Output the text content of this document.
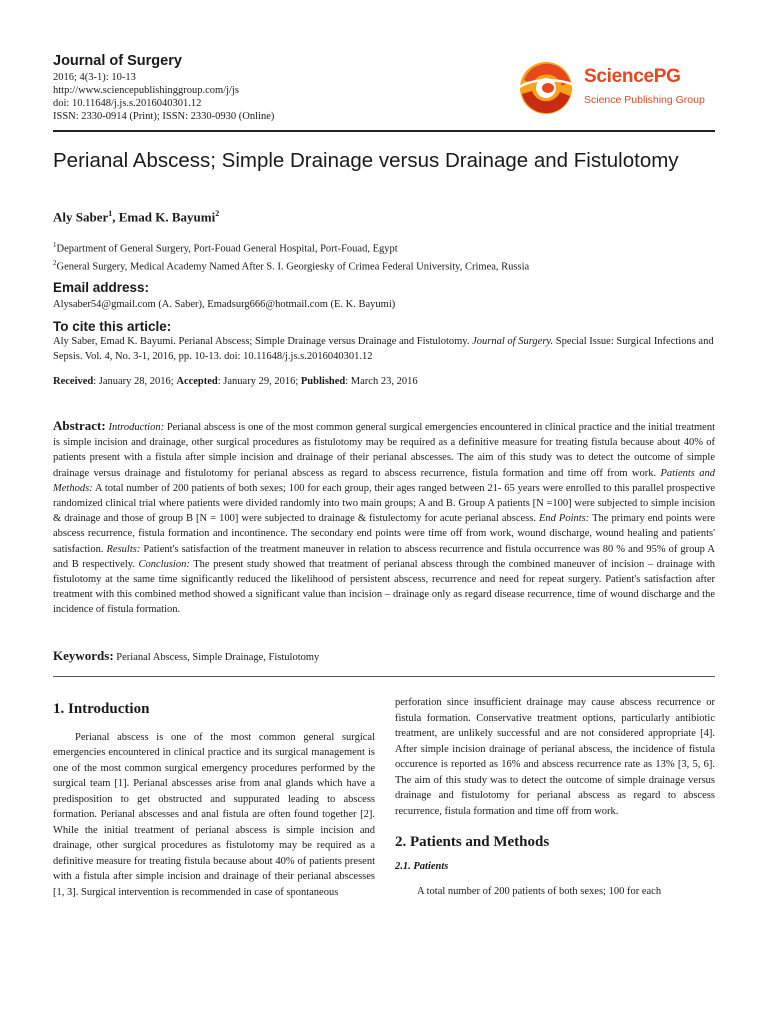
Journal of Surgery
2016; 4(3-1): 10-13
http://www.sciencepublishinggroup.com/j/js
doi: 10.11648/j.js.s.2016040301.12
ISSN: 2330-0914 (Print); ISSN: 2330-0930 (Online)
SciencePG
Science Publishing Group
Perianal Abscess; Simple Drainage versus Drainage and Fistulotomy
Aly Saber$^1$, Emad K. Bayumi$^2$
$^1$Department of General Surgery, Port-Fouad General Hospital, Port-Fouad, Egypt
$^2$General Surgery, Medical Academy Named After S. I. Georgiesky of Crimea Federal University, Crimea, Russia
Email address:
Alysaber54@gmail.com (A. Saber), Emadsurg666@hotmail.com (E. K. Bayumi)
To cite this article:
Aly Saber, Emad K. Bayumi. Perianal Abscess; Simple Drainage versus Drainage and Fistulotomy. Journal of Surgery. Special Issue: Surgical Infections and Sepsis. Vol. 4, No. 3-1, 2016, pp. 10-13. doi: 10.11648/j.js.s.2016040301.12
Received: January 28, 2016; Accepted: January 29, 2016; Published: March 23, 2016
Abstract: Introduction: Perianal abscess is one of the most common general surgical emergencies encountered in clinical practice and the initial treatment is simple incision and drainage, other surgical procedures as fistulotomy may be required as a definitive measure for treating fistula because about 40% of patients present with a fistula after simple incision and drainage of their perianal abscesses. The aim of this study was to detect the outcome of simple drainage versus drainage and fistulotomy for perianal abscess as regard to abscess recurrence, fistula formation and time off from work. Patients and Methods: A total number of 200 patients of both sexes; 100 for each group, their ages ranged between 21- 65 years were enrolled to this parallel prospective randomized clinical trial where patients were divided randomly into two main groups; A and B. Group A patients [N =100] were subjected to simple incision & drainage and those of group B [N = 100] were subjected to drainage & fistulectomy for acute perianal abscess. End Points: The primary end points were abscess recurrence, fistula formation and incontinence. The secondary end points were time off from work, wound discharge, wound healing and patients' satisfaction. Results: Patient's satisfaction of the treatment maneuver in relation to abscess recurrence and fistula occurrence was 80 % and 95% of group A and B respectively. Conclusion: The present study showed that treatment of perianal abscess through the combined maneuver of incision – drainage with fistulotomy at the same time significantly reduced the likelihood of persistent abscess, recurrence and need for repeat surgery. Patient's satisfaction after treatment with this combined method showed a significant value than incision – drainage only as regard disease recurrence, time of wound discharge and the incidence of fistula formation.
Keywords: Perianal Abscess, Simple Drainage, Fistulotomy
1. Introduction
Perianal abscess is one of the most common general surgical emergencies encountered in clinical practice and its surgical management is one of the most common surgical emergency procedures performed by the surgical team [1]. Perianal abscesses arise from anal glands which have a predisposition to get obstructed and suppurated leading to abscess formation. Perianal abscesses and anal fistula are often found together [2]. While the initial treatment of perianal abscess is simple incision and drainage, other surgical procedures as fistulotomy may be required as a definitive measure for treating fistula because about 40% of patients present with a fistula after simple incision and drainage of their perianal abscesses [1, 3]. Surgical intervention is recommended in case of spontaneous
perforation since insufficient drainage may cause abscess recurrence or fistula formation. Conservative treatment options, particularly antibiotic treatment, are unlikely successful and are not considered appropriate [4]. After simple incision drainage of perianal abscess, the incidence of fistula occurence is reported as 16% and abscess recurrence rate as 13% [3, 5, 6]. The aim of this study was to detect the outcome of simple drainage versus drainage and fistulotomy for perianal abscess as regard to abscess recurrence, fistula formation and time off from work.
2. Patients and Methods
2.1. Patients
A total number of 200 patients of both sexes; 100 for each
